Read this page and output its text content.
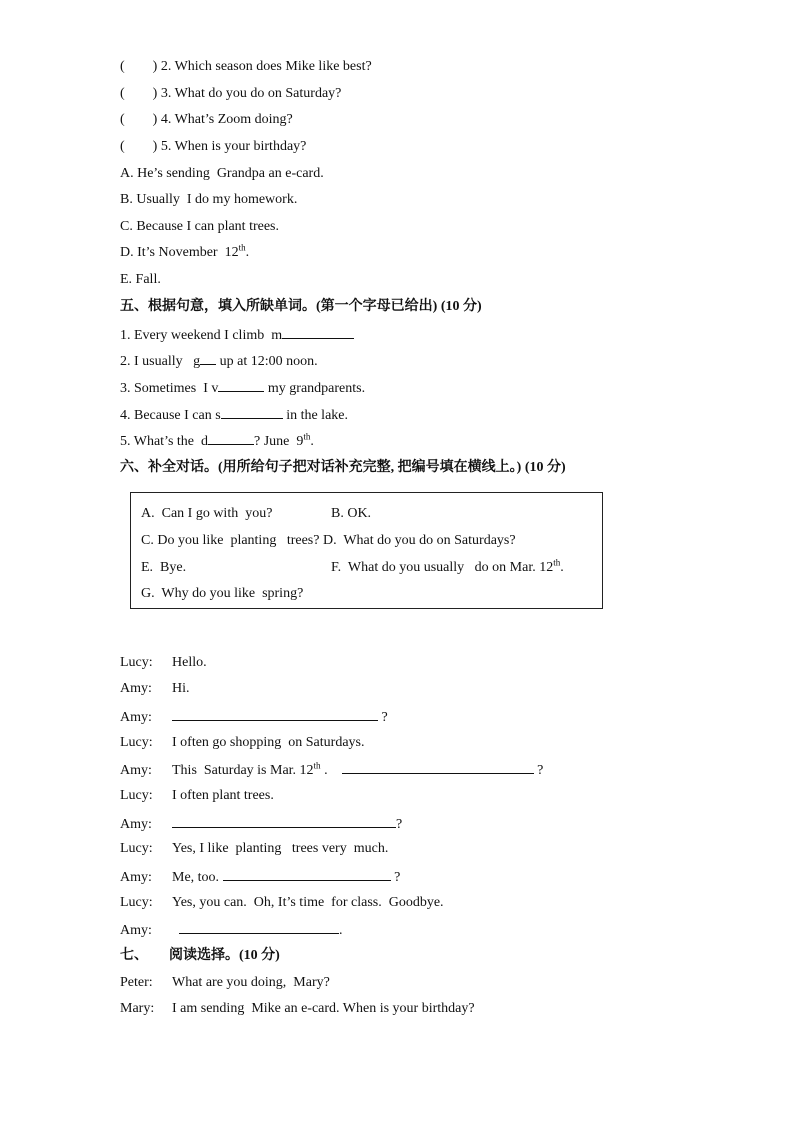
(        ) 2. Which season does Mike like best?
(        ) 3. What do you do on Saturday?
(        ) 4. What’s Zoom doing?
(        ) 5. When is your birthday?
A. He’s sending  Grandpa an e-card.
B. Usually  I do my homework.
C. Because I can plant trees.
D. It’s November  12th.
E. Fall.
五、根据句意，填入所缺单词。(第一个字母已给出) (10 分)
1. Every weekend I climb  m
2. I usually   g up at 12:00 noon.
3. Sometimes  I v	my grandparents.
4. Because I can s	in the lake.
5. What’s the  d	? June  9th.
六、补全对话。(用所给句子把对话补充完整, 把编号填在横线上。) (10 分)
A.  Can I go with  you?	B. OK.
C. Do you like  planting   trees? D.  What do you do on Saturdays?
E.  Bye.	F.  What do you usually   do on Mar. 12th.
G.  Why do you like  spring?
Lucy: Hello.
Amy: Hi.
Amy:	?
Lucy: I often go shopping  on Saturdays.
Amy: This  Saturday is Mar. 12th .	?
Lucy: I often plant trees.
Amy:	?
Lucy: Yes, I like  planting   trees very  much.
Amy: Me, too.	?
Lucy: Yes, you can.  Oh, It’s time  for class.  Goodbye.
Amy:	.
七、      阅读选择。(10 分)
Peter: What are you doing,  Mary?
Mary: I am sending  Mike an e-card. When is your birthday?
